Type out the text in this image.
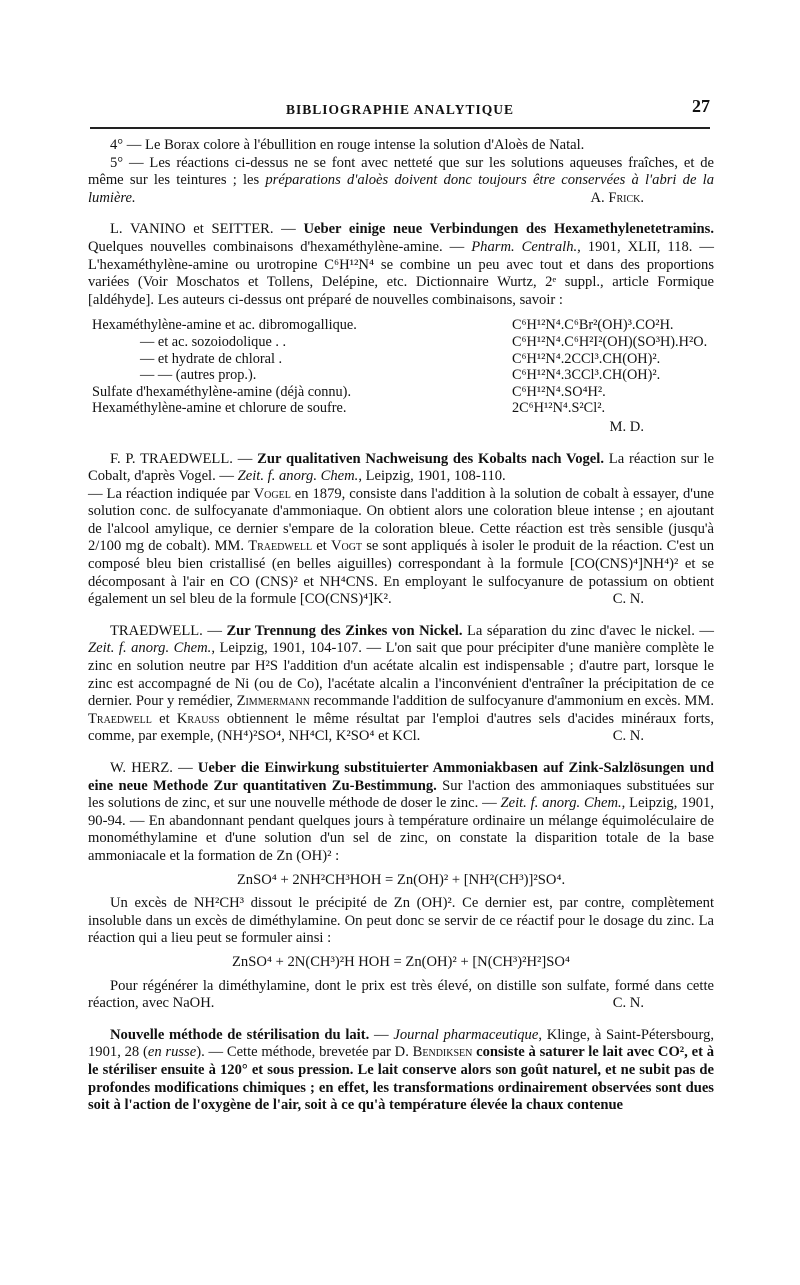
BIBLIOGRAPHIE ANALYTIQUE	27

4° — Le Borax colore à l'ébullition en rouge intense la solution d'Aloès de Natal.

5° — Les réactions ci-dessus ne se font avec netteté que sur les solutions aqueuses fraîches, et de même sur les teintures ; les préparations d'aloès doivent donc toujours être conservées à l'abri de la lumière.	A. Frick.

L. VANINO et SEITTER. — Ueber einige neue Verbindungen des Hexamethylenetetramins. Quelques nouvelles combinaisons d'hexaméthylène-amine. — Pharm. Centralh., 1901, XLII, 118. — L'hexaméthylène-amine ou urotropine C⁶H¹²N⁴ se combine un peu avec tout et dans des proportions variées (Voir Moschatos et Tollens, Delépine, etc. Dictionnaire Wurtz, 2ᵉ suppl., article Formique [aldéhyde]. Les auteurs ci-dessus ont préparé de nouvelles combinaisons, savoir :

Hexaméthylène-amine et ac. dibromogallique.	C⁶H¹²N⁴.C⁶Br²(OH)³.CO²H.
— et ac. sozoiodolique . .	C⁶H¹²N⁴.C⁶H²I²(OH)(SO³H).H²O.
— et hydrate de chloral .	C⁶H¹²N⁴.2CCl³.CH(OH)².
— — (autres prop.).	C⁶H¹²N⁴.3CCl³.CH(OH)².
Sulfate d'hexaméthylène-amine (déjà connu).	C⁶H¹²N⁴.SO⁴H².
Hexaméthylène-amine et chlorure de soufre.	2C⁶H¹²N⁴.S²Cl².

M. D.

F. P. TRAEDWELL. — Zur qualitativen Nachweisung des Kobalts nach Vogel. La réaction sur le Cobalt, d'après Vogel. — Zeit. f. anorg. Chem., Leipzig, 1901, 108-110.

— La réaction indiquée par Vogel en 1879, consiste dans l'addition à la solution de cobalt à essayer, d'une solution conc. de sulfocyanate d'ammoniaque. On obtient alors une coloration bleue intense ; en ajoutant de l'alcool amylique, ce dernier s'empare de la coloration bleue. Cette réaction est très sensible (jusqu'à 2/100 mg de cobalt). MM. Traedwell et Vogt se sont appliqués à isoler le produit de la réaction. C'est un composé bleu bien cristallisé (en belles aiguilles) correspondant à la formule [CO(CNS)⁴]NH⁴)² et se décomposant à l'air en CO (CNS)² et NH⁴CNS. En employant le sulfocyanure de potassium on obtient également un sel bleu de la formule [CO(CNS)⁴]K².	C. N.

TRAEDWELL. — Zur Trennung des Zinkes von Nickel. La séparation du zinc d'avec le nickel. — Zeit. f. anorg. Chem., Leipzig, 1901, 104-107. — L'on sait que pour précipiter d'une manière complète le zinc en solution neutre par H²S l'addition d'un acétate alcalin est indispensable ; d'autre part, lorsque le zinc est accompagné de Ni (ou de Co), l'acétate alcalin a l'inconvénient d'entraîner la précipitation de ce dernier. Pour y remédier, Zimmermann recommande l'addition de sulfocyanure d'ammonium en excès. MM. Traedwell et Krauss obtiennent le même résultat par l'emploi d'autres sels d'acides minéraux forts, comme, par exemple, (NH⁴)²SO⁴, NH⁴Cl, K²SO⁴ et KCl.	C. N.

W. HERZ. — Ueber die Einwirkung substituierter Ammoniakbasen auf Zink-Salzlösungen und eine neue Methode Zur quantitativen Zu-Bestimmung. Sur l'action des ammoniaques substituées sur les solutions de zinc, et sur une nouvelle méthode de doser le zinc. — Zeit. f. anorg. Chem., Leipzig, 1901, 90-94. — En abandonnant pendant quelques jours à température ordinaire un mélange équimoléculaire de monométhylamine et d'une solution d'un sel de zinc, on constate la disparition totale de la base ammoniacale et la formation de Zn (OH)² :

ZnSO⁴ + 2NH²CH³HOH = Zn(OH)² + [NH²(CH³)]²SO⁴.

Un excès de NH²CH³ dissout le précipité de Zn (OH)². Ce dernier est, par contre, complètement insoluble dans un excès de diméthylamine. On peut donc se servir de ce réactif pour le dosage du zinc. La réaction qui a lieu peut se formuler ainsi :

ZnSO⁴ + 2N(CH³)²H HOH = Zn(OH)² + [N(CH³)²H²]SO⁴

Pour régénérer la diméthylamine, dont le prix est très élevé, on distille son sulfate, formé dans cette réaction, avec NaOH.	C. N.

Nouvelle méthode de stérilisation du lait. — Journal pharmaceutique, Klinge, à Saint-Pétersbourg, 1901, 28 (en russe). — Cette méthode, brevetée par D. Bendiksen consiste à saturer le lait avec CO², et à le stériliser ensuite à 120° et sous pression. Le lait conserve alors son goût naturel, et ne subit pas de profondes modifications chimiques ; en effet, les transformations ordinairement observées sont dues soit à l'action de l'oxygène de l'air, soit à ce qu'à température élevée la chaux contenue
